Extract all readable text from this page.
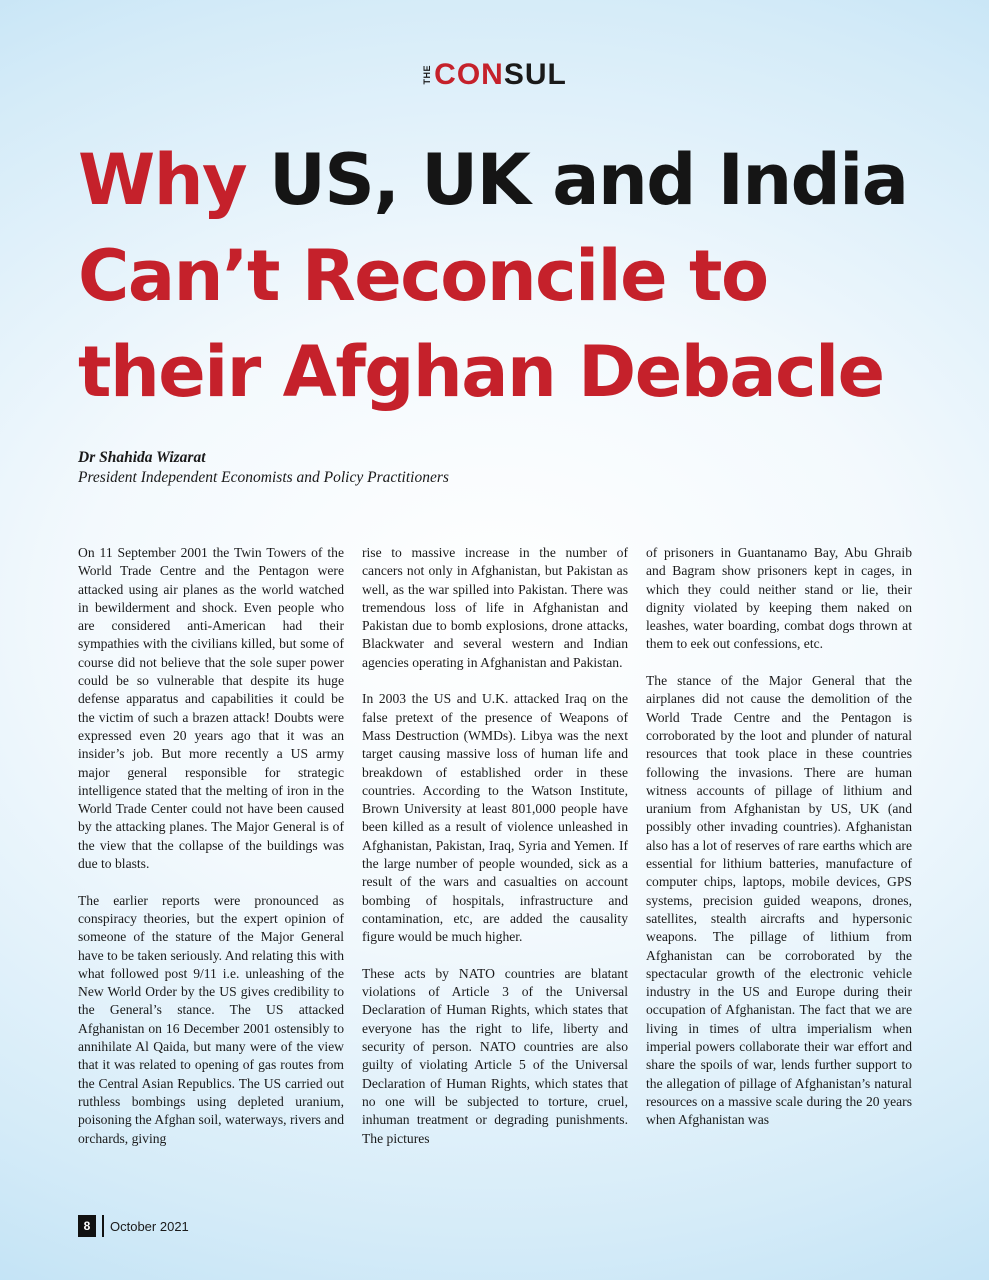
THE CONSUL
Why US, UK and India
Can’t Reconcile to
their Afghan Debacle
Dr Shahida Wizarat
President Independent Economists and Policy Practitioners

On 11 September 2001 the Twin Towers of the World Trade Centre and the Pentagon were attacked using air planes as the world watched in bewilderment and shock. Even people who are considered anti-American had their sympathies with the civilians killed, but some of course did not believe that the sole super power could be so vulnerable that despite its huge defense apparatus and capabilities it could be the victim of such a brazen attack! Doubts were expressed even 20 years ago that it was an insider’s job. But more recently a US army major general responsible for strategic intelligence stated that the melting of iron in the World Trade Center could not have been caused by the attacking planes. The Major General is of the view that the collapse of the buildings was due to blasts.

The earlier reports were pronounced as conspiracy theories, but the expert opinion of someone of the stature of the Major General have to be taken seriously. And relating this with what followed post 9/11 i.e. unleashing of the New World Order by the US gives credibility to the General’s stance. The US attacked Afghanistan on 16 December 2001 ostensibly to annihilate Al Qaida, but many were of the view that it was related to opening of gas routes from the Central Asian Republics. The US carried out ruthless bombings using depleted uranium, poisoning the Afghan soil, waterways, rivers and orchards, giving

rise to massive increase in the number of cancers not only in Afghanistan, but Pakistan as well, as the war spilled into Pakistan. There was tremendous loss of life in Afghanistan and Pakistan due to bomb explosions, drone attacks, Blackwater and several western and Indian agencies operating in Afghanistan and Pakistan.

In 2003 the US and U.K. attacked Iraq on the false pretext of the presence of Weapons of Mass Destruction (WMDs). Libya was the next target causing massive loss of human life and breakdown of established order in these countries. According to the Watson Institute, Brown University at least 801,000 people have been killed as a result of violence unleashed in Afghanistan, Pakistan, Iraq, Syria and Yemen. If the large number of people wounded, sick as a result of the wars and casualties on account bombing of hospitals, infrastructure and contamination, etc, are added the causality figure would be much higher.

These acts by NATO countries are blatant violations of Article 3 of the Universal Declaration of Human Rights, which states that everyone has the right to life, liberty and security of person. NATO countries are also guilty of violating Article 5 of the Universal Declaration of Human Rights, which states that no one will be subjected to torture, cruel, inhuman treatment or degrading punishments. The pictures

of prisoners in Guantanamo Bay, Abu Ghraib and Bagram show prisoners kept in cages, in which they could neither stand or lie, their dignity violated by keeping them naked on leashes, water boarding, combat dogs thrown at them to eek out confessions, etc.

The stance of the Major General that the airplanes did not cause the demolition of the World Trade Centre and the Pentagon is corroborated by the loot and plunder of natural resources that took place in these countries following the invasions. There are human witness accounts of pillage of lithium and uranium from Afghanistan by US, UK (and possibly other invading countries). Afghanistan also has a lot of reserves of rare earths which are essential for lithium batteries, manufacture of computer chips, laptops, mobile devices, GPS systems, precision guided weapons, drones, satellites, stealth aircrafts and hypersonic weapons. The pillage of lithium from Afghanistan can be corroborated by the spectacular growth of the electronic vehicle industry in the US and Europe during their occupation of Afghanistan. The fact that we are living in times of ultra imperialism when imperial powers collaborate their war effort and share the spoils of war, lends further support to the allegation of pillage of Afghanistan’s natural resources on a massive scale during the 20 years when Afghanistan was

8	October 2021
